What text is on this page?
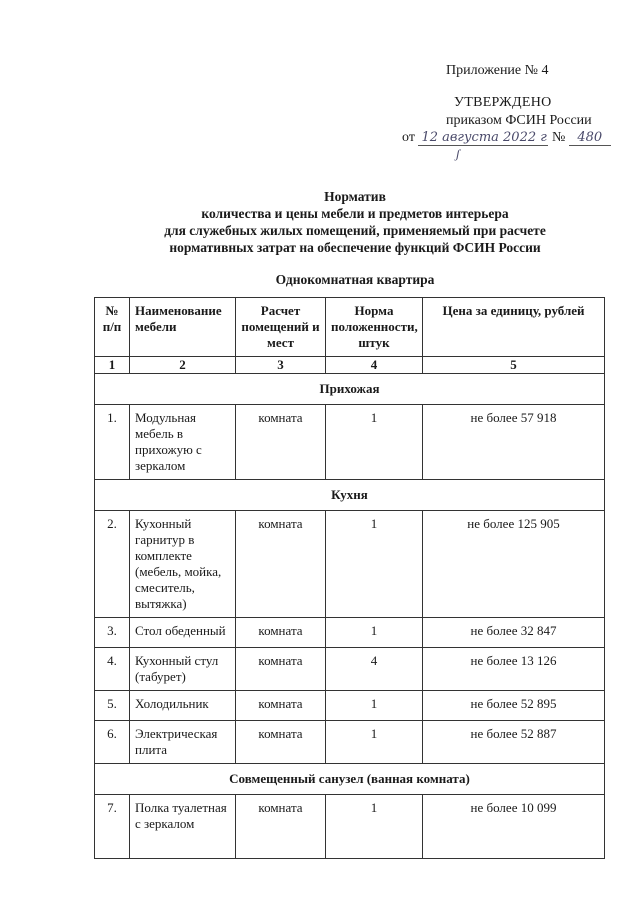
Приложение № 4
УТВЕРЖДЕНО
приказом ФСИН России
от 12 августа 2022 г № 480
ʃ
Норматив
количества и цены мебели и предметов интерьера
для служебных жилых помещений, применяемый при расчете
нормативных затрат на обеспечение функций ФСИН России
Однокомнатная квартира
№ п/п	Наименование мебели	Расчет помещений и мест	Норма положенности, штук	Цена за единицу, рублей
1	2	3	4	5
Прихожая				
1.	Модульная мебель в прихожую с зеркалом	комната	1	не более 57 918
Кухня				
2.	Кухонный гарнитур в комплекте (мебель, мойка, смеситель, вытяжка)	комната	1	не более 125 905
3.	Стол обеденный	комната	1	не более 32 847
4.	Кухонный стул (табурет)	комната	4	не более 13 126
5.	Холодильник	комната	1	не более 52 895
6.	Электрическая плита	комната	1	не более 52 887
Совмещенный санузел (ванная комната)				
7.	Полка туалетная с зеркалом	комната	1	не более 10 099
